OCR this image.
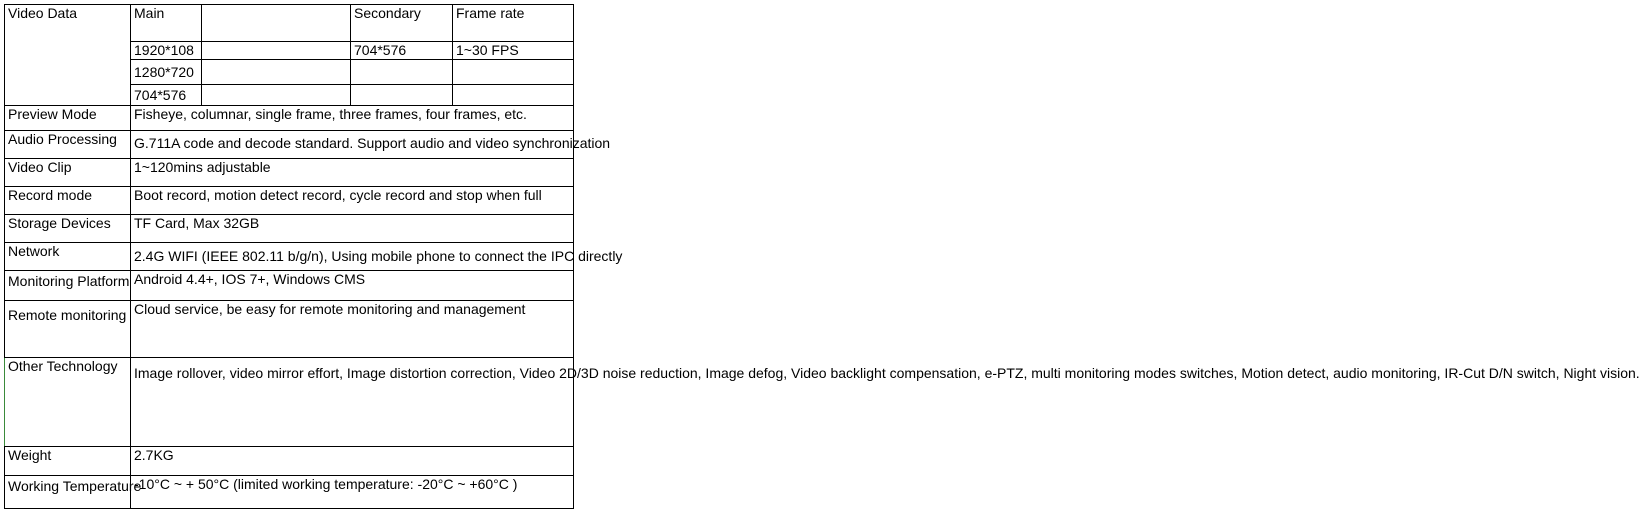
Video Data	Main		Secondary	Frame rate
	1920*108		704*576	1~30 FPS
	1280*720			
	704*576			
Preview Mode	Fisheye, columnar, single frame, three frames, four frames, etc.			
Audio Processing	G.711A code and decode standard. Support audio and video synchronization			

Video Clip	1~120mins adjustable			
Record mode	Boot record, motion detect record, cycle record and stop when full			
Storage Devices	TF Card, Max 32GB			
Network	2.4G WIFI (IEEE 802.11 b/g/n), Using mobile phone to connect the IPC directly			

Monitoring Platform	Android 4.4+, IOS 7+, Windows CMS			
Remote monitoring	Cloud service, be easy for remote monitoring and management			
Other Technology	Image rollover, video mirror effort, Image distortion correction, Video 2D/3D noise reduction, Image defog, Video backlight compensation, e-PTZ, multi monitoring modes switches, Motion detect, audio monitoring, IR-Cut D/N switch, Night vision.			
Weight	2.7KG			

Working Temperature	-10°C ~ + 50°C (limited working temperature: -20°C ~ +60°C )			
